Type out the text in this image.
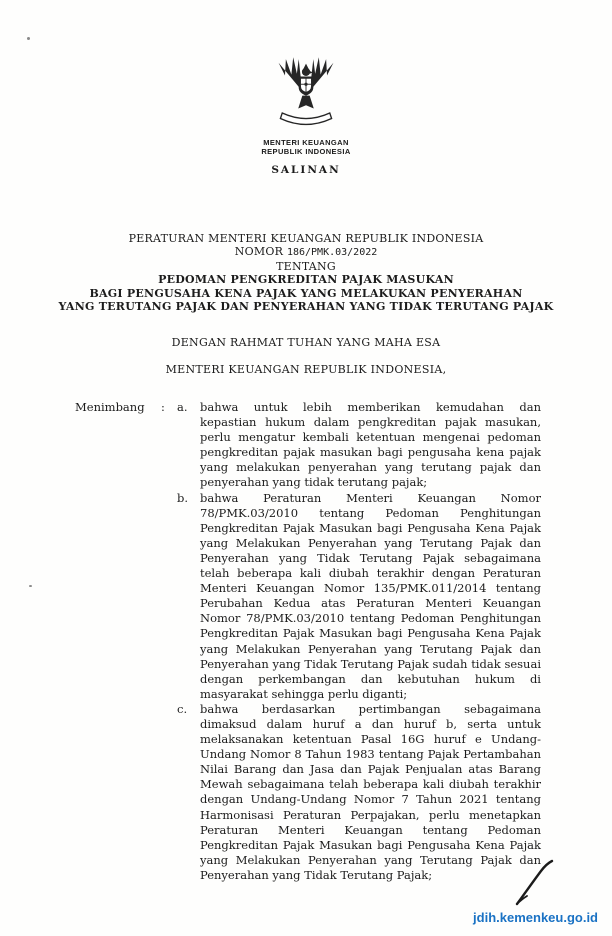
MENTERI KEUANGAN
REPUBLIK INDONESIA
SALINAN
PERATURAN MENTERI KEUANGAN REPUBLIK INDONESIA
NOMOR 186/PMK.03/2022
TENTANG
PEDOMAN PENGKREDITAN PAJAK MASUKAN
BAGI PENGUSAHA KENA PAJAK YANG MELAKUKAN PENYERAHAN
YANG TERUTANG PAJAK DAN PENYERAHAN YANG TIDAK TERUTANG PAJAK
DENGAN RAHMAT TUHAN YANG MAHA ESA
MENTERI KEUANGAN REPUBLIK INDONESIA,
Menimbang	:	a.	bahwa untuk lebih memberikan kemudahan dan kepastian hukum dalam pengkreditan pajak masukan, perlu mengatur kembali ketentuan mengenai pedoman pengkreditan pajak masukan bagi pengusaha kena pajak yang melakukan penyerahan yang terutang pajak dan penyerahan yang tidak terutang pajak;
b.	bahwa Peraturan Menteri Keuangan Nomor 78/PMK.03/2010 tentang Pedoman Penghitungan Pengkreditan Pajak Masukan bagi Pengusaha Kena Pajak yang Melakukan Penyerahan yang Terutang Pajak dan Penyerahan yang Tidak Terutang Pajak sebagaimana telah beberapa kali diubah terakhir dengan Peraturan Menteri Keuangan Nomor 135/PMK.011/2014 tentang Perubahan Kedua atas Peraturan Menteri Keuangan Nomor 78/PMK.03/2010 tentang Pedoman Penghitungan Pengkreditan Pajak Masukan bagi Pengusaha Kena Pajak yang Melakukan Penyerahan yang Terutang Pajak dan Penyerahan yang Tidak Terutang Pajak sudah tidak sesuai dengan perkembangan dan kebutuhan hukum di masyarakat sehingga perlu diganti;
c.	bahwa berdasarkan pertimbangan sebagaimana dimaksud dalam huruf a dan huruf b, serta untuk melaksanakan ketentuan Pasal 16G huruf e Undang-Undang Nomor 8 Tahun 1983 tentang Pajak Pertambahan Nilai Barang dan Jasa dan Pajak Penjualan atas Barang Mewah sebagaimana telah beberapa kali diubah terakhir dengan Undang-Undang Nomor 7 Tahun 2021 tentang Harmonisasi Peraturan Perpajakan, perlu menetapkan Peraturan Menteri Keuangan tentang Pedoman Pengkreditan Pajak Masukan bagi Pengusaha Kena Pajak yang Melakukan Penyerahan yang Terutang Pajak dan Penyerahan yang Tidak Terutang Pajak;
jdih.kemenkeu.go.id
